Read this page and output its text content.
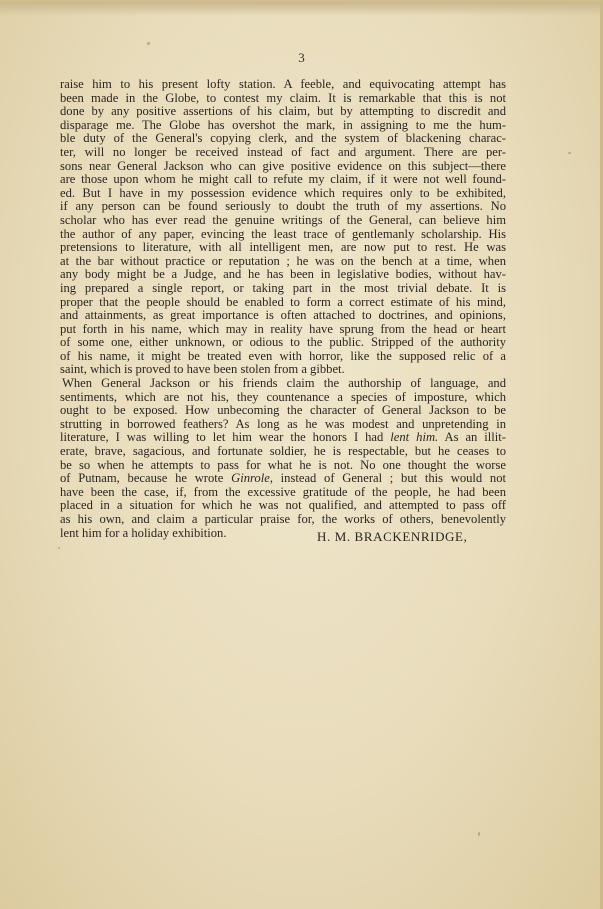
3
raise him to his present lofty station. A feeble, and equivocating attempt has
been made in the Globe, to contest my claim. It is remarkable that this is not
done by any positive assertions of his claim, but by attempting to discredit and
disparage me. The Globe has overshot the mark, in assigning to me the hum-
ble duty of the General's copying clerk, and the system of blackening charac-
ter, will no longer be received instead of fact and argument. There are per-
sons near General Jackson who can give positive evidence on this subject—there
are those upon whom he might call to refute my claim, if it were not well found-
ed. But I have in my possession evidence which requires only to be exhibited,
if any person can be found seriously to doubt the truth of my assertions. No
scholar who has ever read the genuine writings of the General, can believe him
the author of any paper, evincing the least trace of gentlemanly scholarship. His
pretensions to literature, with all intelligent men, are now put to rest. He was
at the bar without practice or reputation ; he was on the bench at a time, when
any body might be a Judge, and he has been in legislative bodies, without hav-
ing prepared a single report, or taking part in the most trivial debate. It is
proper that the people should be enabled to form a correct estimate of his mind,
and attainments, as great importance is often attached to doctrines, and opinions,
put forth in his name, which may in reality have sprung from the head or heart
of some one, either unknown, or odious to the public. Stripped of the authority
of his name, it might be treated even with horror, like the supposed relic of a
saint, which is proved to have been stolen from a gibbet.
When General Jackson or his friends claim the authorship of language, and
sentiments, which are not his, they countenance a species of imposture, which
ought to be exposed. How unbecoming the character of General Jackson to be
strutting in borrowed feathers? As long as he was modest and unpretending in
literature, I was willing to let him wear the honors I had lent him. As an illit-
erate, brave, sagacious, and fortunate soldier, he is respectable, but he ceases to
be so when he attempts to pass for what he is not. No one thought the worse
of Putnam, because he wrote Ginrole, instead of General ; but this would not
have been the case, if, from the excessive gratitude of the people, he had been
placed in a situation for which he was not qualified, and attempted to pass off
as his own, and claim a particular praise for, the works of others, benevolently
lent him for a holiday exhibition.	H. M. BRACKENRIDGE,
